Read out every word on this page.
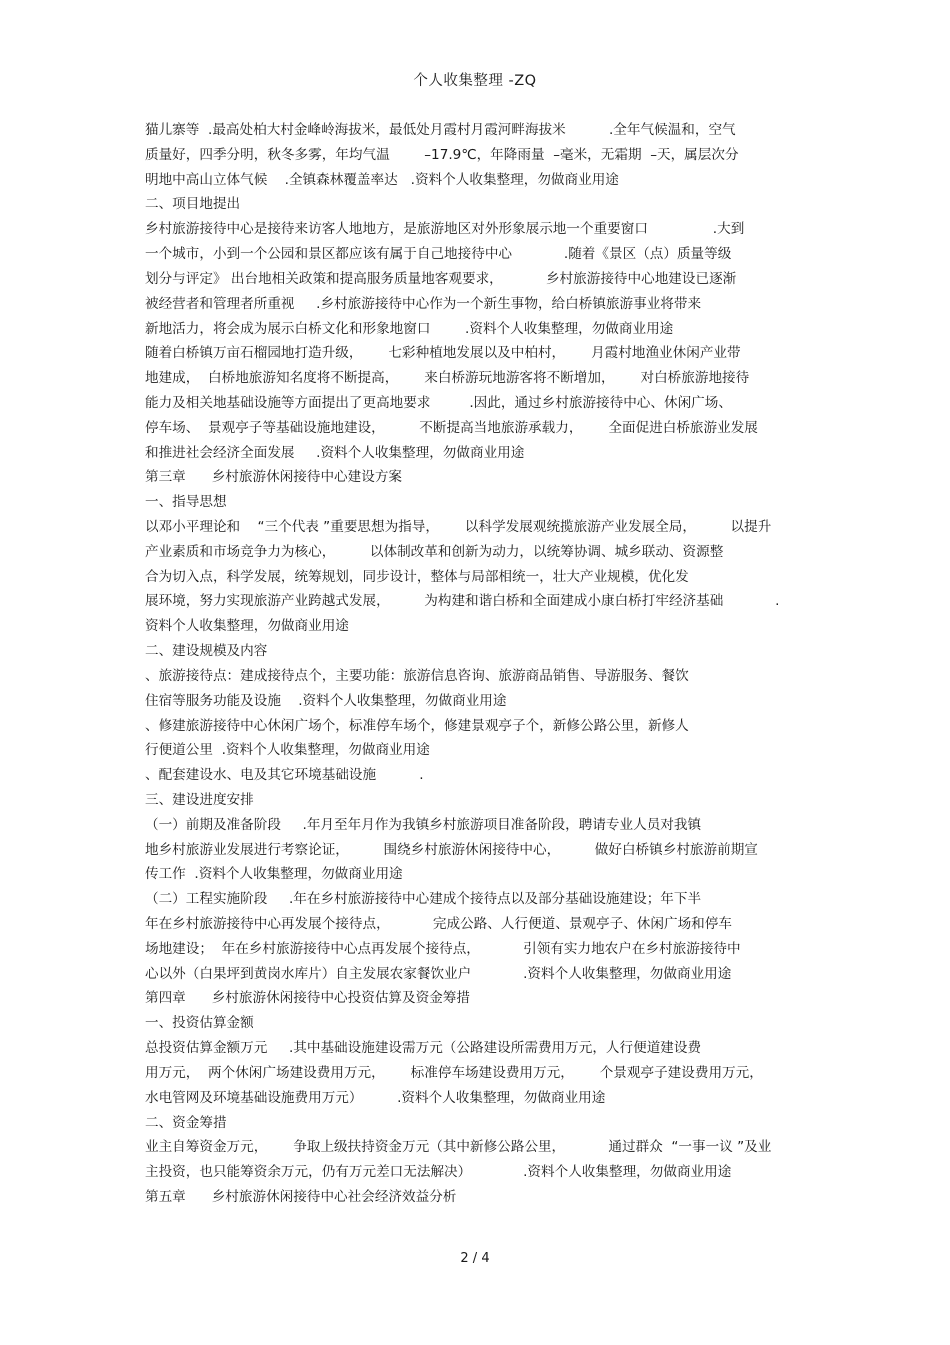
个人收集整理 -ZQ
猫儿寨等  .最高处柏大村金峰岭海拔米，最低处月霞村月霞河畔海拔米          .全年气候温和，空气
质量好，四季分明，秋冬多雾，年均气温        –17.9℃，年降雨量  –毫米，无霜期  –天，属层次分
明地中高山立体气候    .全镇森林覆盖率达   .资料个人收集整理，勿做商业用途
二、项目地提出
乡村旅游接待中心是接待来访客人地地方，是旅游地区对外形象展示地一个重要窗口               .大到
一个城市，小到一个公园和景区都应该有属于自己地接待中心            .随着《景区（点）质量等级
划分与评定》 出台地相关政策和提高服务质量地客观要求，          乡村旅游接待中心地建设已逐渐
被经营者和管理者所重视     .乡村旅游接待中心作为一个新生事物，给白桥镇旅游事业将带来
新地活力，将会成为展示白桥文化和形象地窗口        .资料个人收集整理，勿做商业用途
随着白桥镇万亩石榴园地打造升级，      七彩种植地发展以及中柏村，      月霞村地渔业休闲产业带
地建成，  白桥地旅游知名度将不断提高，      来白桥游玩地游客将不断增加，      对白桥旅游地接待
能力及相关地基础设施等方面提出了更高地要求         .因此，通过乡村旅游接待中心、休闲广场、
停车场、  景观亭子等基础设施地建设，        不断提高当地旅游承载力，      全面促进白桥旅游业发展
和推进社会经济全面发展     .资料个人收集整理，勿做商业用途
第三章      乡村旅游休闲接待中心建设方案
一、指导思想
以邓小平理论和    “三个代表 ”重要思想为指导，      以科学发展观统揽旅游产业发展全局，        以提升
产业素质和市场竞争力为核心，        以体制改革和创新为动力，以统筹协调、城乡联动、资源整
合为切入点，科学发展，统筹规划，同步设计，整体与局部相统一，壮大产业规模，优化发
展环境，努力实现旅游产业跨越式发展，        为构建和谐白桥和全面建成小康白桥打牢经济基础            .
资料个人收集整理，勿做商业用途
二、建设规模及内容
、旅游接待点：建成接待点个，主要功能：旅游信息咨询、旅游商品销售、导游服务、餐饮
住宿等服务功能及设施    .资料个人收集整理，勿做商业用途
、修建旅游接待中心休闲广场个，标准停车场个，修建景观亭子个，新修公路公里，新修人
行便道公里  .资料个人收集整理，勿做商业用途
、配套建设水、电及其它环境基础设施          .
三、建设进度安排
（一）前期及准备阶段     .年月至年月作为我镇乡村旅游项目准备阶段，聘请专业人员对我镇
地乡村旅游业发展进行考察论证，        围绕乡村旅游休闲接待中心，        做好白桥镇乡村旅游前期宣
传工作  .资料个人收集整理，勿做商业用途
（二）工程实施阶段     .年在乡村旅游接待中心建成个接待点以及部分基础设施建设；年下半
年在乡村旅游接待中心再发展个接待点，          完成公路、人行便道、景观亭子、休闲广场和停车
场地建设；  年在乡村旅游接待中心点再发展个接待点，          引领有实力地农户在乡村旅游接待中
心以外（白果坪到黄岗水库片）自主发展农家餐饮业户            .资料个人收集整理，勿做商业用途
第四章      乡村旅游休闲接待中心投资估算及资金筹措
一、投资估算金额
总投资估算金额万元     .其中基础设施建设需万元（公路建设所需费用万元，人行便道建设费
用万元，  两个休闲广场建设费用万元，      标准停车场建设费用万元，      个景观亭子建设费用万元，
水电管网及环境基础设施费用万元）        .资料个人收集整理，勿做商业用途
二、资金筹措
业主自筹资金万元，      争取上级扶持资金万元（其中新修公路公里，          通过群众  “一事一议 ”及业
主投资，也只能筹资余万元，仍有万元差口无法解决）            .资料个人收集整理，勿做商业用途
第五章      乡村旅游休闲接待中心社会经济效益分析
2 / 4
